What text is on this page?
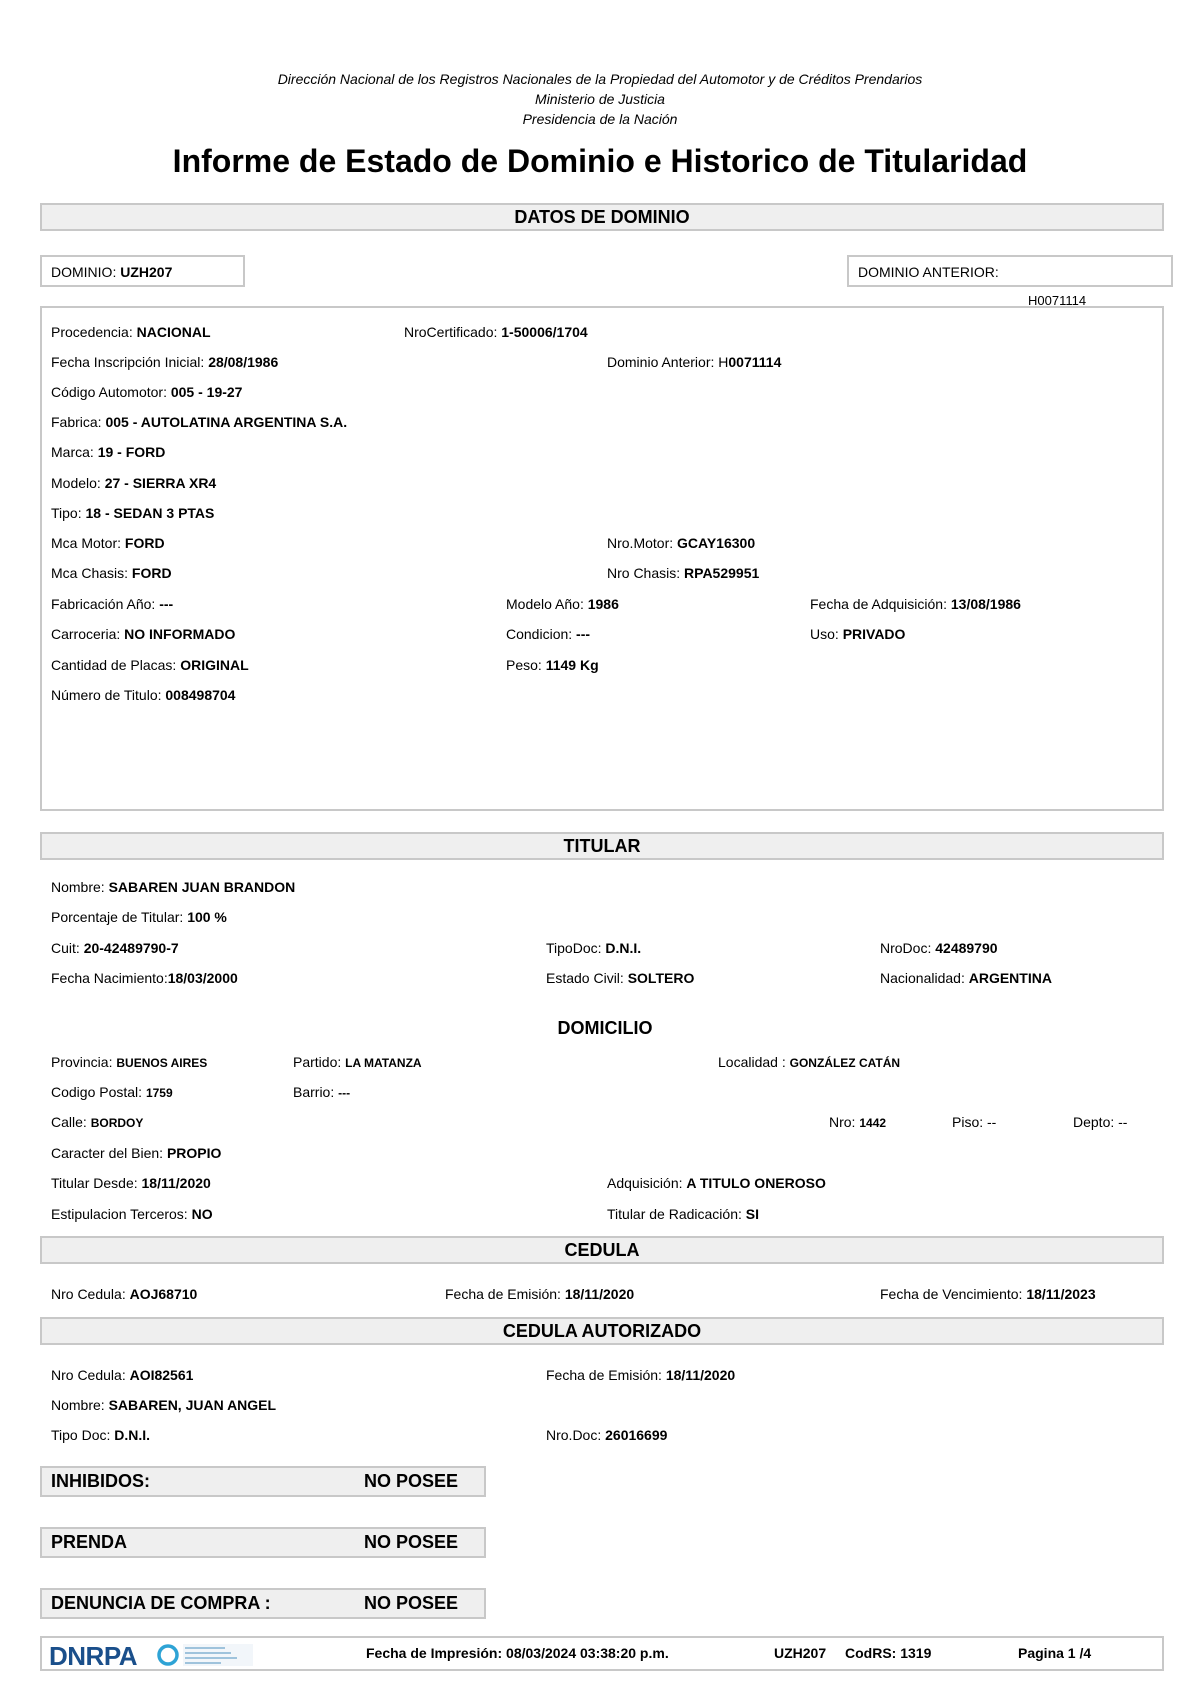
Dirección Nacional de los Registros Nacionales de la Propiedad del Automotor y de Créditos Prendarios
Ministerio de Justicia
Presidencia de la Nación
Informe de Estado de Dominio e Historico de Titularidad
DATOS DE DOMINIO
DOMINIO: UZH207	DOMINIO ANTERIOR:
H0071114
Procedencia: NACIONAL	NroCertificado: 1-50006/1704
Fecha Inscripción Inicial: 28/08/1986	Dominio Anterior: H0071114
Código Automotor: 005 - 19-27
Fabrica: 005 - AUTOLATINA ARGENTINA S.A.
Marca: 19 - FORD
Modelo: 27 - SIERRA XR4
Tipo: 18 - SEDAN 3 PTAS
Mca Motor: FORD	Nro.Motor: GCAY16300
Mca Chasis: FORD	Nro Chasis: RPA529951
Fabricación Año: ---	Modelo Año: 1986	Fecha de Adquisición: 13/08/1986
Carroceria: NO INFORMADO	Condicion: ---	Uso: PRIVADO
Cantidad de Placas: ORIGINAL	Peso: 1149 Kg
Número de Titulo: 008498704
TITULAR
Nombre: SABAREN JUAN BRANDON
Porcentaje de Titular: 100 %
Cuit: 20-42489790-7	TipoDoc: D.N.I.	NroDoc: 42489790
Fecha Nacimiento:18/03/2000	Estado Civil: SOLTERO	Nacionalidad: ARGENTINA
DOMICILIO
Provincia: BUENOS AIRES	Partido: LA MATANZA	Localidad : GONZÁLEZ CATÁN
Codigo Postal: 1759	Barrio: ---
Calle: BORDOY	Nro: 1442	Piso: --	Depto: --
Caracter del Bien: PROPIO
Titular Desde: 18/11/2020	Adquisición: A TITULO ONEROSO
Estipulacion Terceros: NO	Titular de Radicación: SI
CEDULA
Nro Cedula: AOJ68710	Fecha de Emisión: 18/11/2020	Fecha de Vencimiento: 18/11/2023
CEDULA AUTORIZADO
Nro Cedula: AOI82561	Fecha de Emisión: 18/11/2020
Nombre: SABAREN, JUAN ANGEL
Tipo Doc: D.N.I.	Nro.Doc: 26016699
INHIBIDOS:	NO POSEE
PRENDA	NO POSEE
DENUNCIA DE COMPRA :	NO POSEE
DNRPA	Fecha de Impresión: 08/03/2024 03:38:20 p.m.	UZH207 CodRS: 1319	Pagina 1 /4
